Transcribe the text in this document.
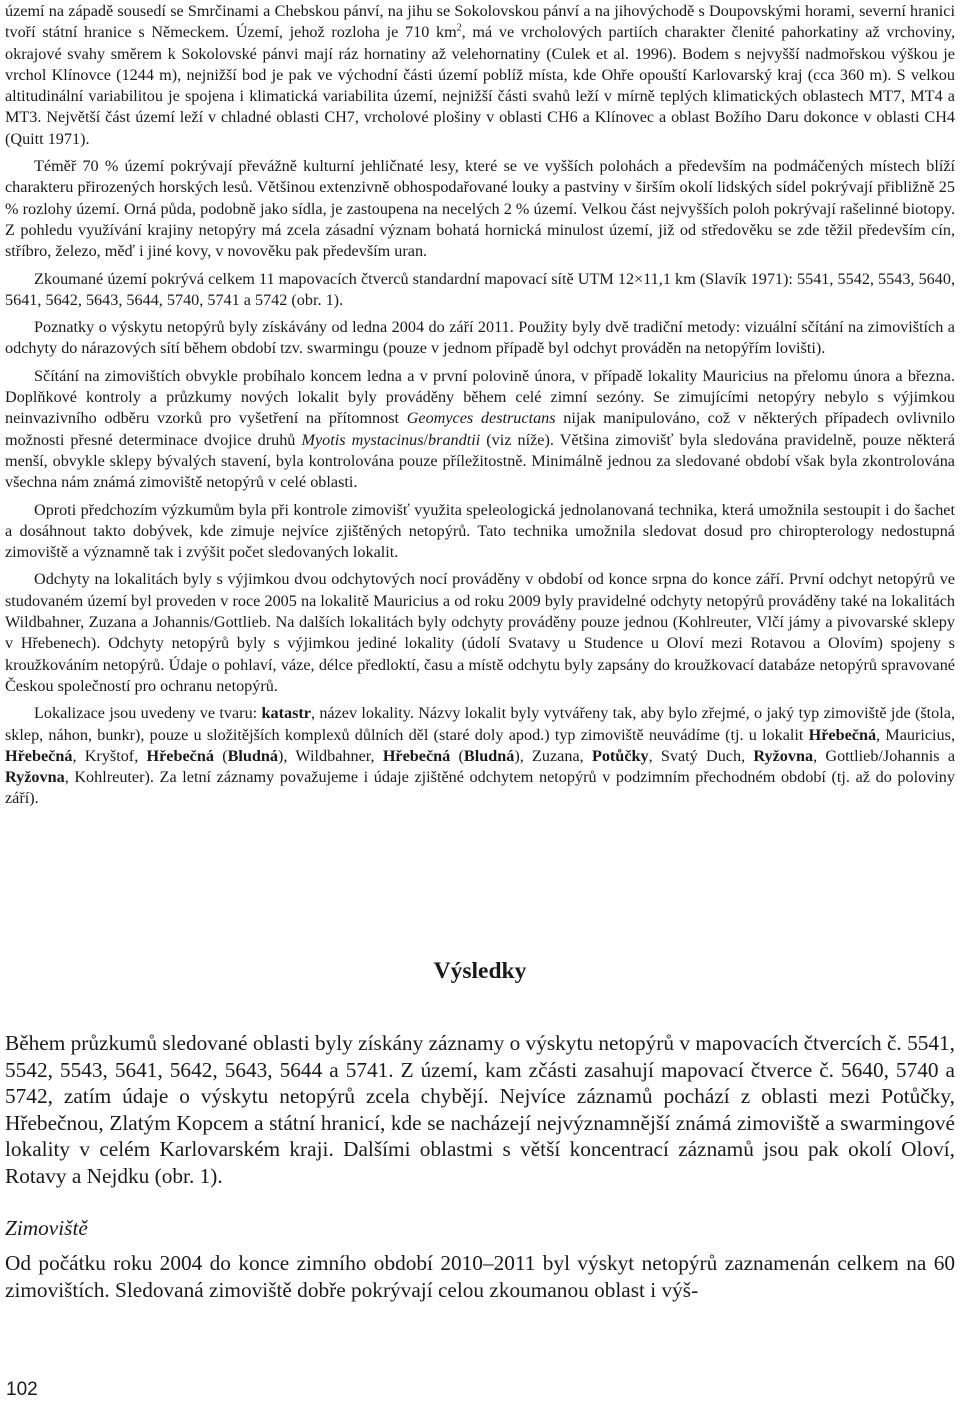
území na západě sousedí se Smrčinami a Chebskou pánví, na jihu se Sokolovskou pánví a na jihovýchodě s Doupovskými horami, severní hranici tvoří státní hranice s Německem. Území, jehož rozloha je 710 $km^2$, má ve vrcholových partiích charakter členité pahorkatiny až vrchoviny, okrajové svahy směrem k Sokolovské pánvi mají ráz hornatiny až velehornatiny (Culek et al. 1996). Bodem s nejvyšší nadmořskou výškou je vrchol Klínovce (1244 m), nejnižší bod je pak ve východní části území poblíž místa, kde Ohře opouští Karlovarský kraj (cca 360 m). S velkou altitudinální variabilitou je spojena i klimatická variabilita území, nejnižší části svahů leží v mírně teplých klimatických oblastech MT7, MT4 a MT3. Největší část území leží v chladné oblasti CH7, vrcholové plošiny v oblasti CH6 a Klínovec a oblast Božího Daru dokonce v oblasti CH4 (Quitt 1971).

Téměř 70 % území pokrývají převážně kulturní jehličnaté lesy, které se ve vyšších polohách a především na podmáčených místech blíží charakteru přirozených horských lesů. Většinou extenzivně obhospodařované louky a pastviny v širším okolí lidských sídel pokrývají přibližně 25 % rozlohy území. Orná půda, podobně jako sídla, je zastoupena na necelých 2 % území. Velkou část nejvyšších poloh pokrývají rašelinné biotopy. Z pohledu využívání krajiny netopýry má zcela zásadní význam bohatá hornická minulost území, již od středověku se zde těžil především cín, stříbro, železo, měď i jiné kovy, v novověku pak především uran.

Zkoumané území pokrývá celkem 11 mapovacích čtverců standardní mapovací sítě UTM 12×11,1 km (Slavík 1971): 5541, 5542, 5543, 5640, 5641, 5642, 5643, 5644, 5740, 5741 a 5742 (obr. 1).

Poznatky o výskytu netopýrů byly získávány od ledna 2004 do září 2011. Použity byly dvě tradiční metody: vizuální sčítání na zimovištích a odchyty do nárazových sítí během období tzv. swarmingu (pouze v jednom případě byl odchyt prováděn na netopýřím lovišti).

Sčítání na zimovištích obvykle probíhalo koncem ledna a v první polovině února, v případě lokality Mauricius na přelomu února a března. Doplňkové kontroly a průzkumy nových lokalit byly prováděny během celé zimní sezóny. Se zimujícími netopýry nebylo s výjimkou neinvazivního odběru vzorků pro vyšetření na přítomnost Geomyces destructans nijak manipulováno, což v některých případech ovlivnilo možnosti přesné determinace dvojice druhů Myotis mystacinus/brandtii (viz níže). Většina zimovišť byla sledována pravidelně, pouze některá menší, obvykle sklepy bývalých stavení, byla kontrolována pouze příležitostně. Minimálně jednou za sledované období však byla zkontrolována všechna nám známá zimoviště netopýrů v celé oblasti.

Oproti předchozím výzkumům byla při kontrole zimovišť využita speleologická jednolanovaná technika, která umožnila sestoupit i do šachet a dosáhnout takto dobývek, kde zimuje nejvíce zjištěných netopýrů. Tato technika umožnila sledovat dosud pro chiropterology nedostupná zimoviště a významně tak i zvýšit počet sledovaných lokalit.

Odchyty na lokalitách byly s výjimkou dvou odchytových nocí prováděny v období od konce srpna do konce září. První odchyt netopýrů ve studovaném území byl proveden v roce 2005 na lokalitě Mauricius a od roku 2009 byly pravidelné odchyty netopýrů prováděny také na lokalitách Wildbahner, Zuzana a Johannis/Gottlieb. Na dalších lokalitách byly odchyty prováděny pouze jednou (Kohlreuter, Vlčí jámy a pivovarské sklepy v Hřebenech). Odchyty netopýrů byly s výjimkou jediné lokality (údolí Svatavy u Studence u Oloví mezi Rotavou a Olovím) spojeny s kroužkováním netopýrů. Údaje o pohlaví, váze, délce předloktí, času a místě odchytu byly zapsány do kroužkovací databáze netopýrů spravované Českou společností pro ochranu netopýrů.

Lokalizace jsou uvedeny ve tvaru: katastr, název lokality. Názvy lokalit byly vytvářeny tak, aby bylo zřejmé, o jaký typ zimoviště jde (štola, sklep, náhon, bunkr), pouze u složitějších komplexů důlních děl (staré doly apod.) typ zimoviště neuvádíme (tj. u lokalit Hřebečná, Mauricius, Hřebečná, Kryštof, Hřebečná (Bludná), Wildbahner, Hřebečná (Bludná), Zuzana, Potůčky, Svatý Duch, Ryžovna, Gottlieb/Johannis a Ryžovna, Kohlreuter). Za letní záznamy považujeme i údaje zjištěné odchytem netopýrů v podzimním přechodném období (tj. až do poloviny září).

Výsledky

Během průzkumů sledované oblasti byly získány záznamy o výskytu netopýrů v mapovacích čtvercích č. 5541, 5542, 5543, 5641, 5642, 5643, 5644 a 5741. Z území, kam zčásti zasahují mapovací čtverce č. 5640, 5740 a 5742, zatím údaje o výskytu netopýrů zcela chybějí. Nejvíce záznamů pochází z oblasti mezi Potůčky, Hřebečnou, Zlatým Kopcem a státní hranicí, kde se nacházejí nejvýznamnější známá zimoviště a swarmingové lokality v celém Karlovarském kraji. Dalšími oblastmi s větší koncentrací záznamů jsou pak okolí Oloví, Rotavy a Nejdku (obr. 1).

Zimoviště

Od počátku roku 2004 do konce zimního období 2010–2011 byl výskyt netopýrů zaznamenán celkem na 60 zimovištích. Sledovaná zimoviště dobře pokrývají celou zkoumanou oblast i výš-

102
